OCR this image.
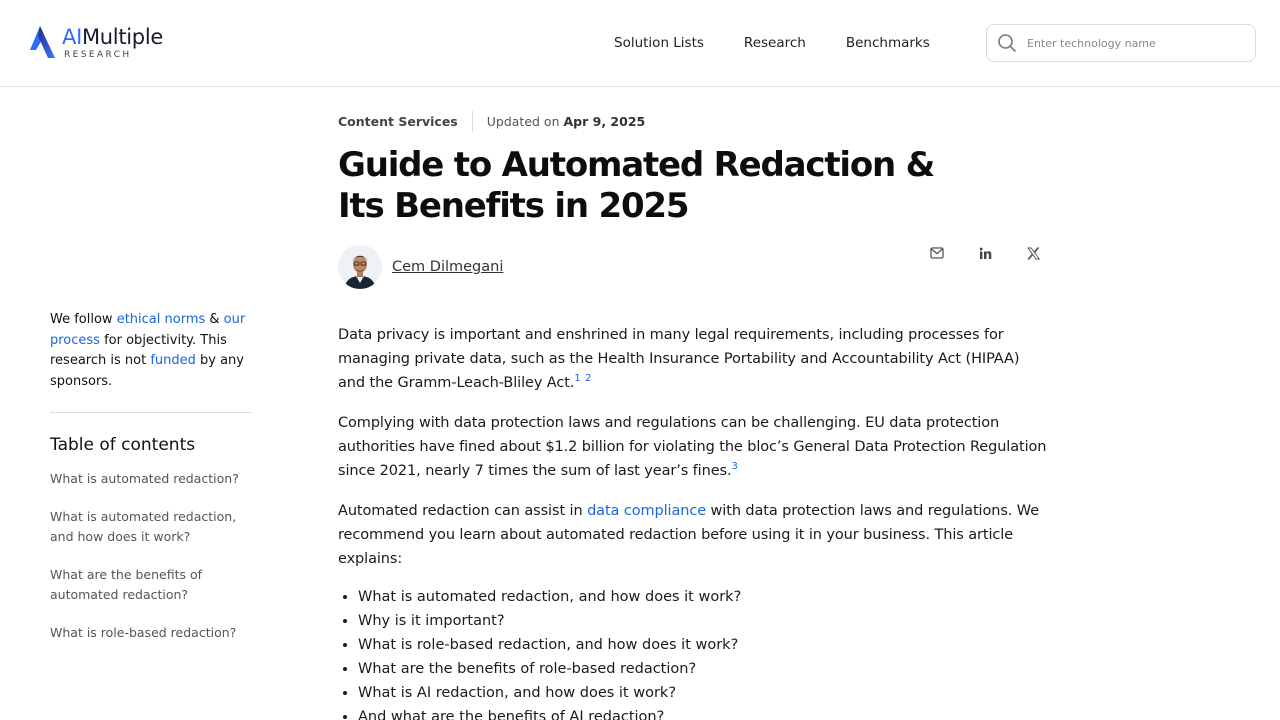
AIMultiple
RESEARCH
Solution Lists	Research	Benchmarks
Enter technology name
We follow ethical norms & our process for objectivity. This research is not funded by any sponsors.
Table of contents
What is automated redaction?
What is automated redaction, and how does it work?
What are the benefits of automated redaction?
What is role-based redaction?
Content Services Updated on Apr 9, 2025
Guide to Automated Redaction & Its Benefits in 2025
Cem Dilmegani

Data privacy is important and enshrined in many legal requirements, including processes for managing private data, such as the Health Insurance Portability and Accountability Act (HIPAA) and the Gramm-Leach-Bliley Act.$^1$ $^2$

Complying with data protection laws and regulations can be challenging. EU data protection authorities have fined about $1.2 billion for violating the bloc’s General Data Protection Regulation since 2021, nearly 7 times the sum of last year’s fines.$^3$

Automated redaction can assist in data compliance with data protection laws and regulations. We recommend you learn about automated redaction before using it in your business. This article explains:

• What is automated redaction, and how does it work?
• Why is it important?
• What is role-based redaction, and how does it work?
• What are the benefits of role-based redaction?
• What is AI redaction, and how does it work?
• And what are the benefits of AI redaction?
